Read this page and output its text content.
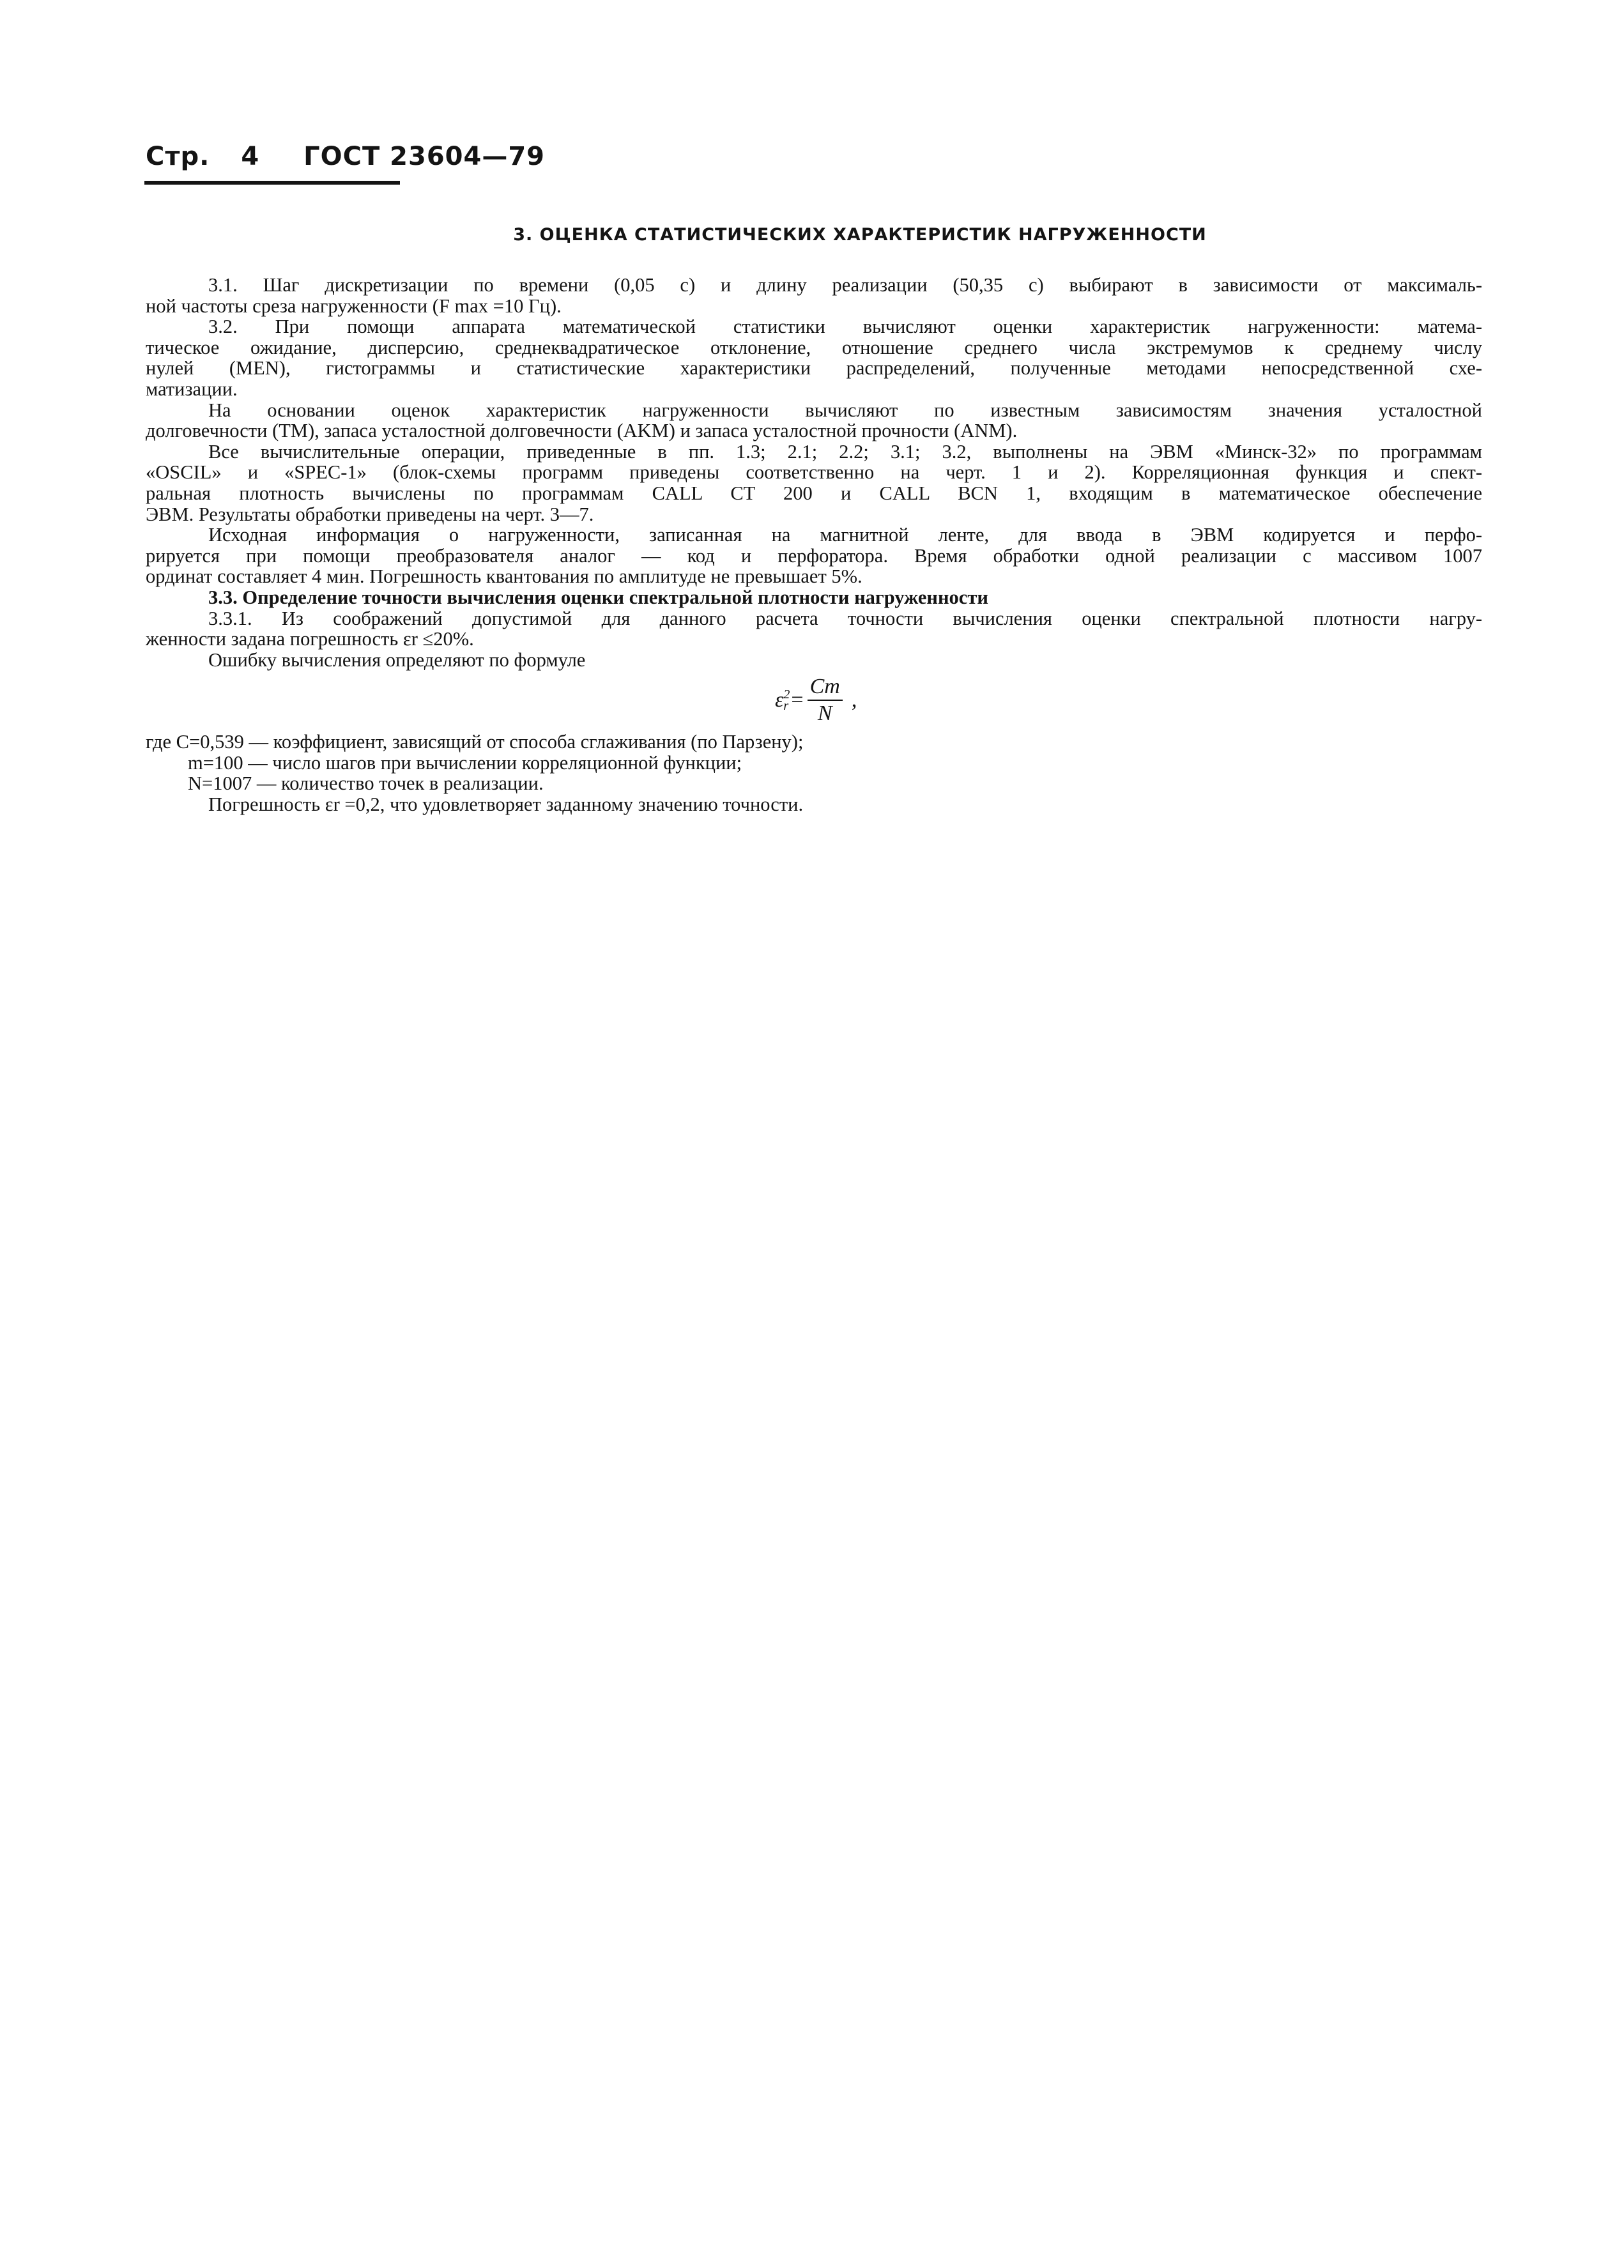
Стр. 4 ГОСТ 23604—79
3. ОЦЕНКА СТАТИСТИЧЕСКИХ ХАРАКТЕРИСТИК НАГРУЖЕННОСТИ

3.1. Шаг дискретизации по времени (0,05 с) и длину реализации (50,35 с) выбирают в зависимости от максималь-

ной частоты среза нагруженности (F max =10 Гц).

3.2. При помощи аппарата математической статистики вычисляют оценки характеристик нагруженности: матема-

тическое ожидание, дисперсию, среднеквадратическое отклонение, отношение среднего числа экстремумов к среднему числу
нулей (MEN), гистограммы и статистические характеристики распределений, полученные методами непосредственной схе-
матизации.

На основании оценок характеристик нагруженности вычисляют по известным зависимостям значения усталостной

долговечности (TM), запаса усталостной долговечности (AKM) и запаса усталостной прочности (ANM).

Все вычислительные операции, приведенные в пп. 1.3; 2.1; 2.2; 3.1; 3.2, выполнены на ЭВМ «Минск-32» по программам

«OSCIL» и «SPEC-1» (блок-схемы программ приведены соответственно на черт. 1 и 2). Корреляционная функция и спект-
ральная плотность вычислены по программам CALL CT 200 и CALL BCN 1, входящим в математическое обеспечение
ЭВМ. Результаты обработки приведены на черт. 3—7.

Исходная информация о нагруженности, записанная на магнитной ленте, для ввода в ЭВМ кодируется и перфо-

рируется при помощи преобразователя аналог — код и перфоратора. Время обработки одной реализации с массивом 1007
ординат составляет 4 мин. Погрешность квантования по амплитуде не превышает 5%.

3.3. Определение точности вычисления оценки спектральной плотности нагруженности

3.3.1. Из соображений допустимой для данного расчета точности вычисления оценки спектральной плотности нагру-

женности задана погрешность εr ≤20%.

Ошибку вычисления определяют по формуле

ε 2
$r = \frac{Cm}{N}$ ,
где C=0,539 — коэффициент, зависящий от способа сглаживания (по Парзену);
m=100 — число шагов при вычислении корреляционной функции;
N=1007 — количество точек в реализации.

Погрешность εr =0,2, что удовлетворяет заданному значению точности.
